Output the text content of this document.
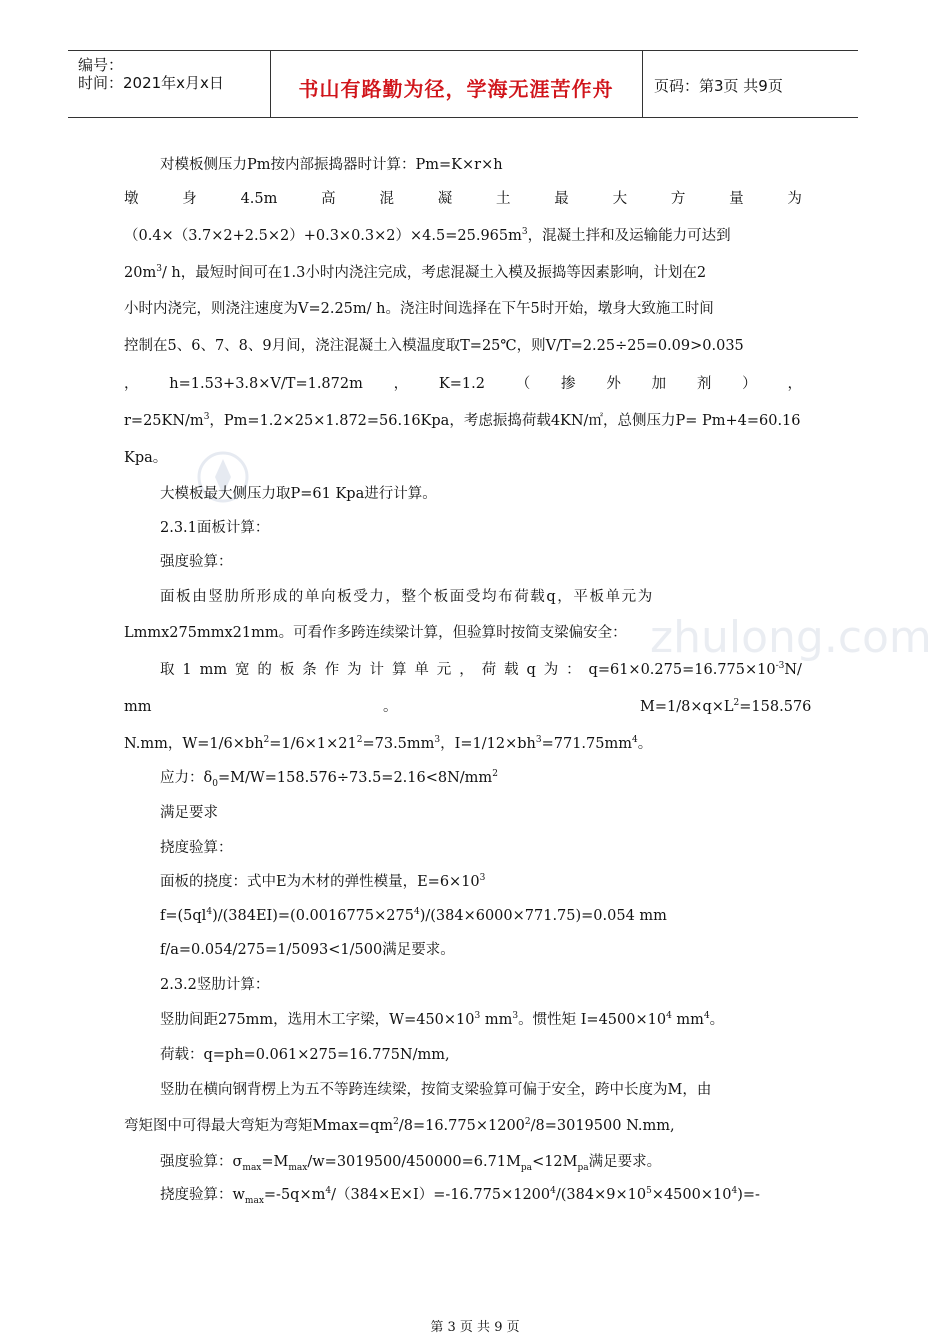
编号：
时间：2021年x月x日	书山有路勤为径，学海无涯苦作舟	页码：第3页 共9页
zhulong.com
对模板侧压力Pm按内部振捣器时计算：Pm=K×r×h
墩	身	4.5m	高	混	凝	土	最	大	方	量	为
$(0.4\times(3.7\times 2+2.5\times 2)+0.3\times 0.3\times 2)\times 4.5=25.965m^3$，混凝土拌和及运输能力可达到
$20m^3/$ h，最短时间可在1.3小时内浇注完成，考虑混凝土入模及振捣等因素影响，计划在2
小时内浇完，则浇注速度为V=2.25m/ h。浇注时间选择在下午5时开始，墩身大致施工时间
控制在5、6、7、8、9月间，浇注混凝土入模温度取T=25℃，则V/T=2.25÷25=0.09>0.035
， h=1.53+3.8×V/T=1.872m ， K=1.2 （ 掺 外 加 剂 ） ，
$r=25KN/m^3$，Pm=1.2×25×1.872=56.16Kpa，考虑振捣荷载4KN/㎡，总侧压力P= Pm+4=60.16
Kpa。
大模板最大侧压力取P=61 Kpa进行计算。
2.3.1面板计算：
强度验算：
面板由竖肋所形成的单向板受力，整个板面受均布荷载q，平板单元为
Lmmx275mmx21mm。可看作多跨连续梁计算，但验算时按简支梁偏安全：
取 1 mm 宽 的 板 条 作 为 计 算 单 元 ， 荷 载 q 为 ： $q=61\times 0.275=16.775\times 10^{-3}N/$
mm	。	$M=1/8\times q\times L^2=158.576$
N.mm，$W=1/6\times bh^2=1/6\times 1\times 21^2=73.5mm^3$，$I=1/12\times bh^3=771.75mm^4$。
应力：$\delta_0=M/W=158.576\div 73.5=2.16<8N/mm^2$
满足要求
挠度验算：
面板的挠度：式中E为木材的弹性模量，$E=6\times 10^3$
$f=(5ql^4)/(384EI)=(0.0016775\times 275^4)/(384\times 6000\times 771.75)=0.054$ mm
f/a=0.054/275=1/5093<1/500满足要求。
2.3.2竖肋计算：
竖肋间距275mm，选用木工字梁，$W=450\times 10^3$ $mm^3$。惯性矩 $I=4500\times 10^4$ $mm^4$。
荷载：q=ph=0.061×275=16.775N/mm,
竖肋在横向钢背楞上为五不等跨连续梁，按简支梁验算可偏于安全，跨中长度为M，由
弯矩图中可得最大弯矩为弯矩$Mmax=qm^2/8=16.775\times 1200^2/8=3019500$ N.mm,
强度验算：$\sigma_{max}=M_{max}/w=3019500/450000=6.71M_{pa}<12M_{pa}$满足要求。
挠度验算：$w_{max}=-5q\times m^4/(384\times E\times I)=-16.775\times 1200^4/(384\times 9\times 10^5\times 4500\times 10^4)=-$
第 3 页 共 9 页
